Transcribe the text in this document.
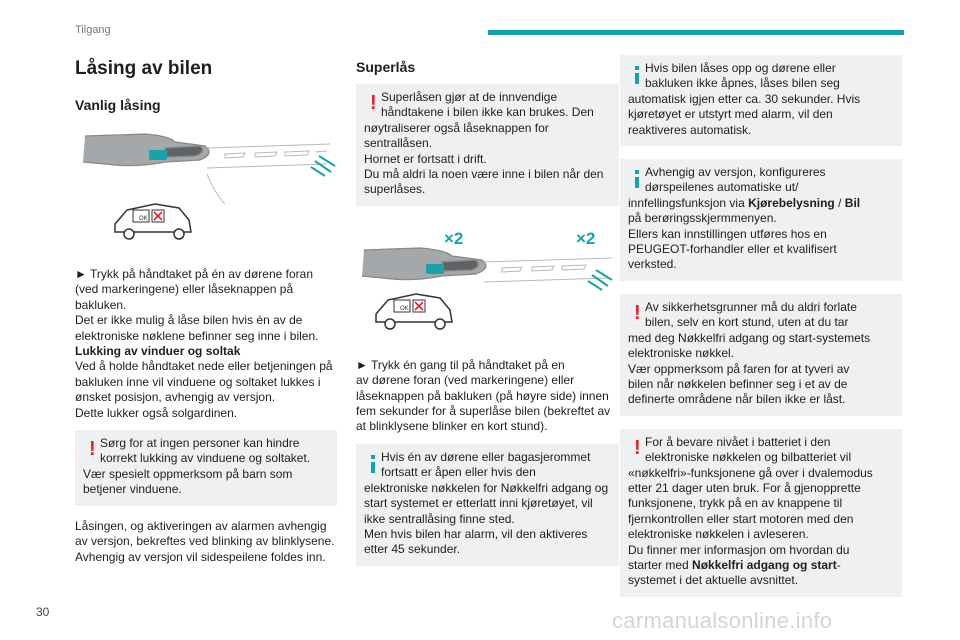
Tilgang
Låsing av bilen
Vanlig låsing
OK
► Trykk på håndtaket på én av dørene foran
(ved markeringene) eller låseknappen på
bakluken.
Det er ikke mulig å låse bilen hvis én av de
elektroniske nøklene befinner seg inne i bilen.
Lukking av vinduer og soltak
Ved å holde håndtaket nede eller betjeningen på
bakluken inne vil vinduene og soltaket lukkes i
ønsket posisjon, avhengig av versjon.
Dette lukker også solgardinen.
! Sørg for at ingen personer kan hindre
korrekt lukking av vinduene og soltaket.
Vær spesielt oppmerksom på barn som
betjener vinduene.
Låsingen, og aktiveringen av alarmen avhengig
av versjon, bekreftes ved blinking av blinklysene.
Avhengig av versjon vil sidespeilene foldes inn.
Superlås
! Superlåsen gjør at de innvendige
håndtakene i bilen ikke kan brukes. Den
nøytraliserer også låseknappen for
sentrallåsen.
Hornet er fortsatt i drift.
Du må aldri la noen være inne i bilen når den
superlåses.
×2	×2
OK
► Trykk én gang til på håndtaket på en
av dørene foran (ved markeringene) eller
låseknappen på bakluken (på høyre side) innen
fem sekunder for å superlåse bilen (bekreftet av
at blinklysene blinker en kort stund).
Hvis én av dørene eller bagasjerommet
fortsatt er åpen eller hvis den
elektroniske nøkkelen for Nøkkelfri adgang og
start systemet er etterlatt inni kjøretøyet, vil
ikke sentrallåsing finne sted.
Men hvis bilen har alarm, vil den aktiveres
etter 45 sekunder.
Hvis bilen låses opp og dørene eller
bakluken ikke åpnes, låses bilen seg
automatisk igjen etter ca. 30 sekunder. Hvis
kjøretøyet er utstyrt med alarm, vil den
reaktiveres automatisk.
Avhengig av versjon, konfigureres
dørspeilenes automatiske ut/
innfellingsfunksjon via Kjørebelysning / Bil
på berøringsskjermmenyen.
Ellers kan innstillingen utføres hos en
PEUGEOT-forhandler eller et kvalifisert
verksted.
! Av sikkerhetsgrunner må du aldri forlate
bilen, selv en kort stund, uten at du tar
med deg Nøkkelfri adgang og start-systemets
elektroniske nøkkel.
Vær oppmerksom på faren for at tyveri av
bilen når nøkkelen befinner seg i et av de
definerte områdene når bilen ikke er låst.
! For å bevare nivået i batteriet i den
elektroniske nøkkelen og bilbatteriet vil
«nøkkelfri»-funksjonene gå over i dvalemodus
etter 21 dager uten bruk. For å gjenopprette
funksjonene, trykk på en av knappene til
fjernkontrollen eller start motoren med den
elektroniske nøkkelen i avleseren.
Du finner mer informasjon om hvordan du
starter med Nøkkelfri adgang og start-
systemet i det aktuelle avsnittet.
30	carmanualsonline.info
